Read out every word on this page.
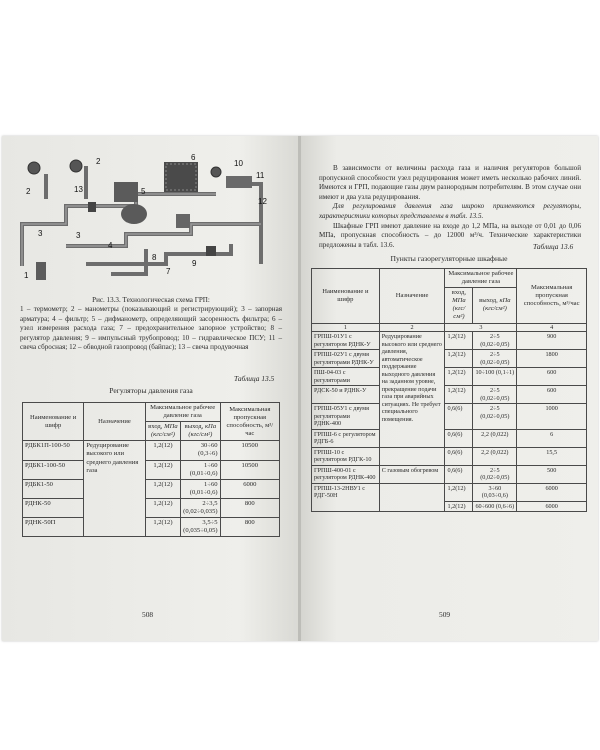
2	13
2
5
6
10
11
12
3	3
4
8
7
9
1
Рис. 13.3. Технологическая схема ГРП:
1 – термометр; 2 – манометры (показывающий и регистрирующий); 3 – запорная арматура; 4 – фильтр; 5 – дифманометр, определяющий засоренность фильтра; 6 – узел измерения расхода газа; 7 – предохранительное запорное устройство; 8 – регулятор давления; 9 – импульсный трубопровод; 10 – гидравлическое ПСУ; 11 – свеча сбросная; 12 – обводной газопровод (байпас); 13 – свеча продувочная
Таблица 13.5
Регуляторы давления газа
Наименование и шифр	Назначение	Максимальное рабочее давление газа		Максимальная пропускная способность, м³/час
		вход, МПа
(кгс/см²)	выход, кПа
(кгс/см²)	
РДБК1П-100-50	Редуцирование высокого или среднего давления газа	1,2(12)	30÷60 (0,3÷6)	10500
РДБК1-100-50		1,2(12)	1÷60 (0,01÷0,6)	10500
РДБК1-50		1,2(12)	1÷60 (0,01÷0,6)	6000
РДНК-50		1,2(12)	2÷3,5 (0,02÷0,035)	800
РДНК-50П		1,2(12)	3,5÷5 (0,035÷0,05)	800
508

В зависимости от величины расхода газа и наличия регуляторов большой пропускной способности узел редуцирования может иметь несколько рабочих линий. Имеются и ГРП, подающие газы двум разнородным потребителям. В этом случае они имеют и два узла редуцирования.

Для регулирования давления газа широко применяются регуляторы, характеристики которых представлены в табл. 13.5.

Шкафные ГРП имеют давление на входе до 1,2 МПа, на выходе от 0,01 до 0,06 МПа, пропускная способность – до 12000 м³/ч. Технические характеристики предложены в табл. 13.6.	Таблица 13.6
Пункты газорегуляторные шкафные
Наименование и шифр	Назначение	Максимальное рабочее давление газа		Максимальная пропускная способность, м³/час
		вход, МПа
(кгс/см²)	выход, кПа
(кгс/см²)	
1	2	3		4
ГРПШ-01У1 с регулятором РДНК-У	Редуцирование высокого или среднего давления, автоматическое поддержание выходного давления на заданном уровне, прекращение подачи газа при аварийных ситуациях. Не требует специального помещения.	1,2(12)	2÷5 (0,02÷0,05)	900
ГРПШ-02У1 с двумя регуляторами РДНК-У		1,2(12)	2÷5 (0,02÷0,05)	1800
ПШ-04-03 с регуляторами		1,2(12)	10÷100 (0,1÷1)	600
РДСК-50 и РДНК-У		1,2(12)	2÷5 (0,02÷0,05)	600
ГРПШ-05У1 с двумя регуляторами РДНК-400		0,6(6)	2÷5 (0,02÷0,05)	1000
ГРПШ-6 с регулятором РДГБ-6		0,6(6)	2,2 (0,022)	6
ГРПШ-10 с регулятором РДГК-10		0,6(6)	2,2 (0,022)	15,5
ГРПШ-400-01 с регулятором РДНК-400	С газовым обогревом	0,6(6)	2÷5 (0,02÷0,05)	500
ГРПШ-13-2НВУ1 с РДГ-50Н		1,2(12)	3÷60 (0,03÷0,6)	6000
		1,2(12)	60÷600 (0,6÷6)	6000
509
